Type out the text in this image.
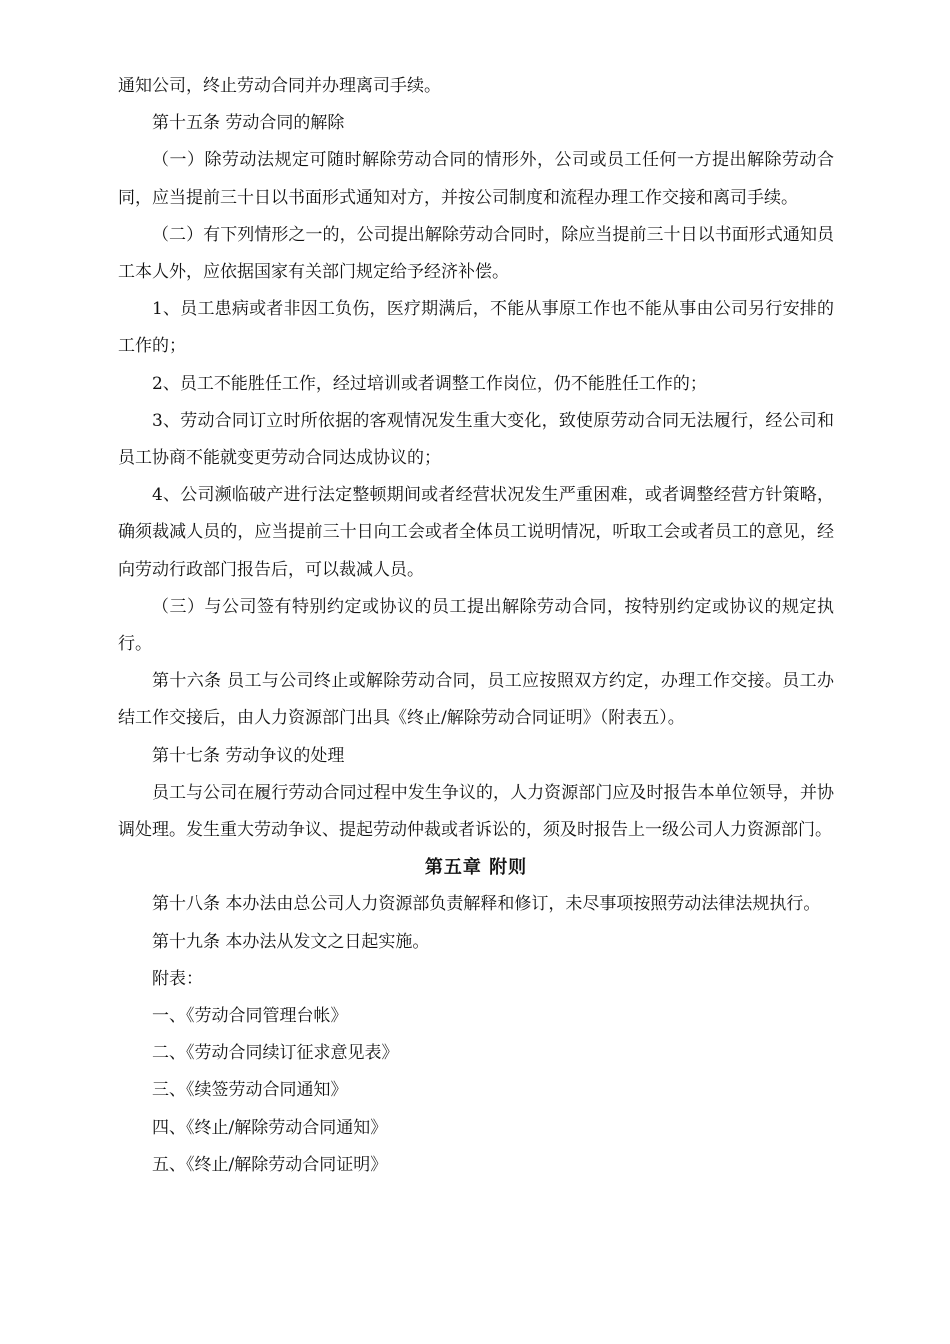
通知公司，终止劳动合同并办理离司手续。

第十五条 劳动合同的解除

（一）除劳动法规定可随时解除劳动合同的情形外，公司或员工任何一方提出解除劳动合同，应当提前三十日以书面形式通知对方，并按公司制度和流程办理工作交接和离司手续。

（二）有下列情形之一的，公司提出解除劳动合同时，除应当提前三十日以书面形式通知员工本人外，应依据国家有关部门规定给予经济补偿。

1、员工患病或者非因工负伤，医疗期满后，不能从事原工作也不能从事由公司另行安排的工作的；

2、员工不能胜任工作，经过培训或者调整工作岗位，仍不能胜任工作的；

3、劳动合同订立时所依据的客观情况发生重大变化，致使原劳动合同无法履行，经公司和员工协商不能就变更劳动合同达成协议的；

4、公司濒临破产进行法定整顿期间或者经营状况发生严重困难，或者调整经营方针策略，确须裁减人员的，应当提前三十日向工会或者全体员工说明情况，听取工会或者员工的意见，经向劳动行政部门报告后，可以裁减人员。

（三）与公司签有特别约定或协议的员工提出解除劳动合同，按特别约定或协议的规定执行。

第十六条 员工与公司终止或解除劳动合同，员工应按照双方约定，办理工作交接。员工办结工作交接后，由人力资源部门出具《终止/解除劳动合同证明》（附表五）。

第十七条 劳动争议的处理

员工与公司在履行劳动合同过程中发生争议的，人力资源部门应及时报告本单位领导，并协调处理。发生重大劳动争议、提起劳动仲裁或者诉讼的，须及时报告上一级公司人力资源部门。

第五章 附则

第十八条 本办法由总公司人力资源部负责解释和修订，未尽事项按照劳动法律法规执行。

第十九条 本办法从发文之日起实施。

附表：

一、《劳动合同管理台帐》

二、《劳动合同续订征求意见表》

三、《续签劳动合同通知》

四、《终止/解除劳动合同通知》

五、《终止/解除劳动合同证明》
